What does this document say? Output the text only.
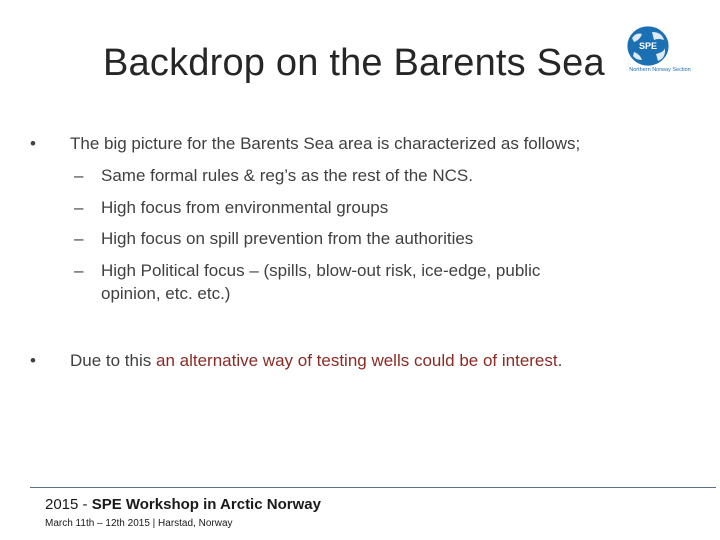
Backdrop on the Barents Sea	SPE
Northern Norway Section
• The big picture for the Barents Sea area is characterized as follows;
– Same formal rules & reg’s as the rest of the NCS.
– High focus from environmental groups
– High focus on spill prevention from the authorities
– High Political focus – (spills, blow-out risk, ice-edge, public
opinion, etc. etc.)
• Due to this an alternative way of testing wells could be of interest.
2015 - SPE Workshop in Arctic Norway
March 11th – 12th 2015 | Harstad, Norway
